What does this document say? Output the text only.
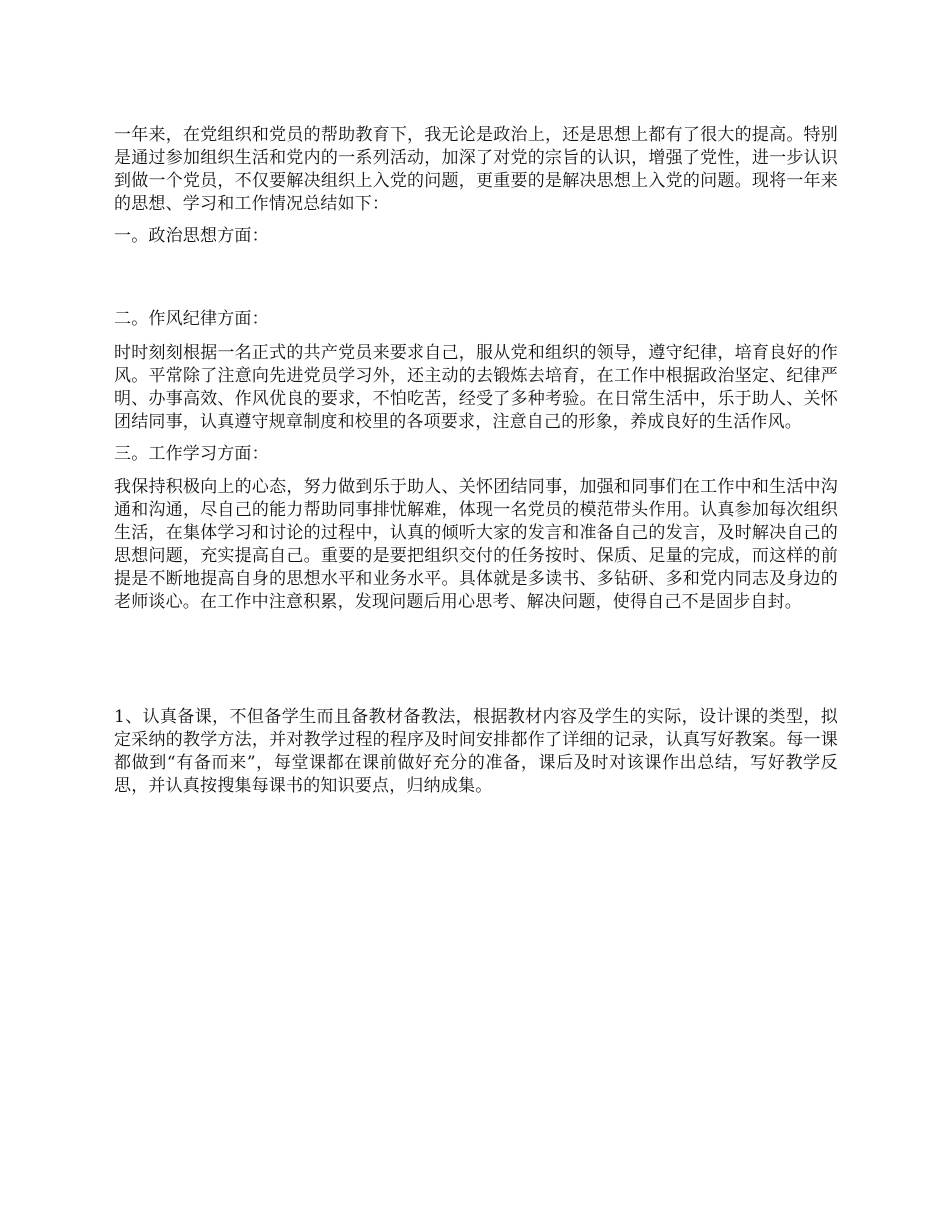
一年来，在党组织和党员的帮助教育下，我无论是政治上，还是思想上都有了很大的提高。特别是通过参加组织生活和党内的一系列活动，加深了对党的宗旨的认识，增强了党性，进一步认识到做一个党员，不仅要解决组织上入党的问题，更重要的是解决思想上入党的问题。现将一年来的思想、学习和工作情况总结如下：

一。政治思想方面：

二。作风纪律方面：

时时刻刻根据一名正式的共产党员来要求自己，服从党和组织的领导，遵守纪律，培育良好的作风。平常除了注意向先进党员学习外，还主动的去锻炼去培育，在工作中根据政治坚定、纪律严明、办事高效、作风优良的要求，不怕吃苦，经受了多种考验。在日常生活中，乐于助人、关怀团结同事，认真遵守规章制度和校里的各项要求，注意自己的形象，养成良好的生活作风。

三。工作学习方面：

我保持积极向上的心态，努力做到乐于助人、关怀团结同事，加强和同事们在工作中和生活中沟通和沟通，尽自己的能力帮助同事排忧解难，体现一名党员的模范带头作用。认真参加每次组织生活，在集体学习和讨论的过程中，认真的倾听大家的发言和准备自己的发言，及时解决自己的思想问题，充实提高自己。重要的是要把组织交付的任务按时、保质、足量的完成，而这样的前提是不断地提高自身的思想水平和业务水平。具体就是多读书、多钻研、多和党内同志及身边的老师谈心。在工作中注意积累，发现问题后用心思考、解决问题，使得自己不是固步自封。

1、认真备课，不但备学生而且备教材备教法，根据教材内容及学生的实际，设计课的类型，拟定采纳的教学方法，并对教学过程的程序及时间安排都作了详细的记录，认真写好教案。每一课都做到“有备而来”，每堂课都在课前做好充分的准备，课后及时对该课作出总结，写好教学反思，并认真按搜集每课书的知识要点，归纳成集。
